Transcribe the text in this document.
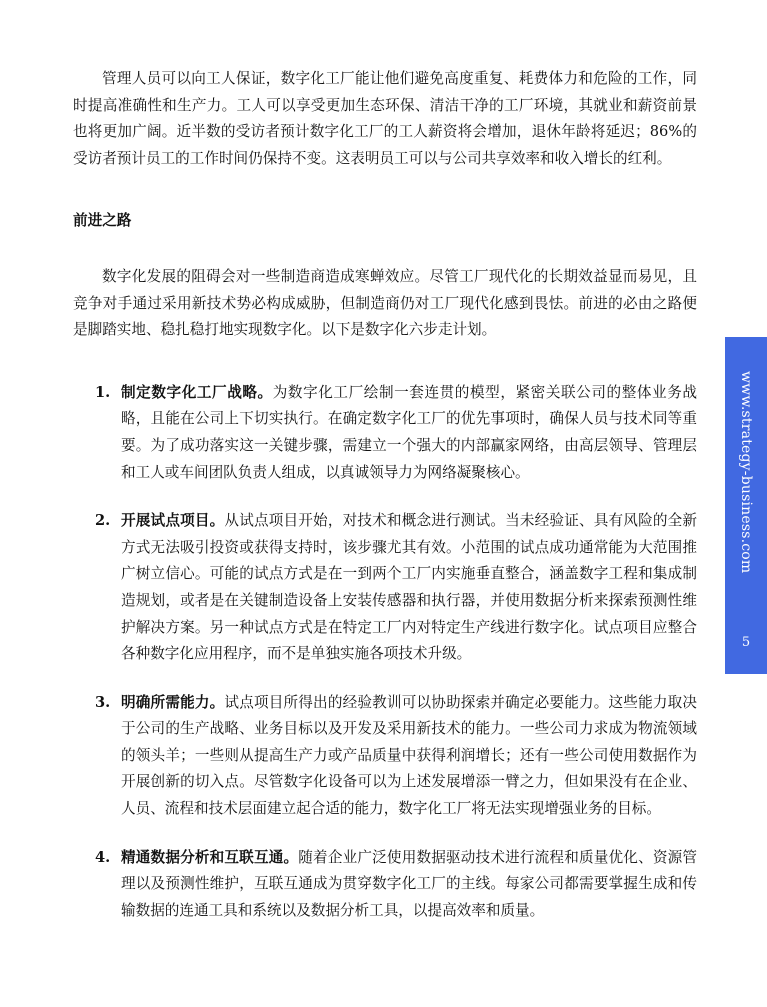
管理人员可以向工人保证，数字化工厂能让他们避免高度重复、耗费体力和危险的工作，同时提高准确性和生产力。工人可以享受更加生态环保、清洁干净的工厂环境，其就业和薪资前景也将更加广阔。近半数的受访者预计数字化工厂的工人薪资将会增加，退休年龄将延迟；86%的受访者预计员工的工作时间仍保持不变。这表明员工可以与公司共享效率和收入增长的红利。

前进之路

数字化发展的阻碍会对一些制造商造成寒蝉效应。尽管工厂现代化的长期效益显而易见，且竞争对手通过采用新技术势必构成威胁，但制造商仍对工厂现代化感到畏怯。前进的必由之路便是脚踏实地、稳扎稳打地实现数字化。以下是数字化六步走计划。

1. 制定数字化工厂战略。为数字化工厂绘制一套连贯的模型，紧密关联公司的整体业务战略，且能在公司上下切实执行。在确定数字化工厂的优先事项时，确保人员与技术同等重要。为了成功落实这一关键步骤，需建立一个强大的内部赢家网络，由高层领导、管理层和工人或车间团队负责人组成，以真诚领导力为网络凝聚核心。
2. 开展试点项目。从试点项目开始，对技术和概念进行测试。当未经验证、具有风险的全新方式无法吸引投资或获得支持时，该步骤尤其有效。小范围的试点成功通常能为大范围推广树立信心。可能的试点方式是在一到两个工厂内实施垂直整合，涵盖数字工程和集成制造规划，或者是在关键制造设备上安装传感器和执行器，并使用数据分析来探索预测性维护解决方案。另一种试点方式是在特定工厂内对特定生产线进行数字化。试点项目应整合各种数字化应用程序，而不是单独实施各项技术升级。
3. 明确所需能力。试点项目所得出的经验教训可以协助探索并确定必要能力。这些能力取决于公司的生产战略、业务目标以及开发及采用新技术的能力。一些公司力求成为物流领域的领头羊；一些则从提高生产力或产品质量中获得利润增长；还有一些公司使用数据作为开展创新的切入点。尽管数字化设备可以为上述发展增添一臂之力，但如果没有在企业、人员、流程和技术层面建立起合适的能力，数字化工厂将无法实现增强业务的目标。
4. 精通数据分析和互联互通。随着企业广泛使用数据驱动技术进行流程和质量优化、资源管理以及预测性维护，互联互通成为贯穿数字化工厂的主线。每家公司都需要掌握生成和传输数据的连通工具和系统以及数据分析工具，以提高效率和质量。
www.strategy-business.com
5
